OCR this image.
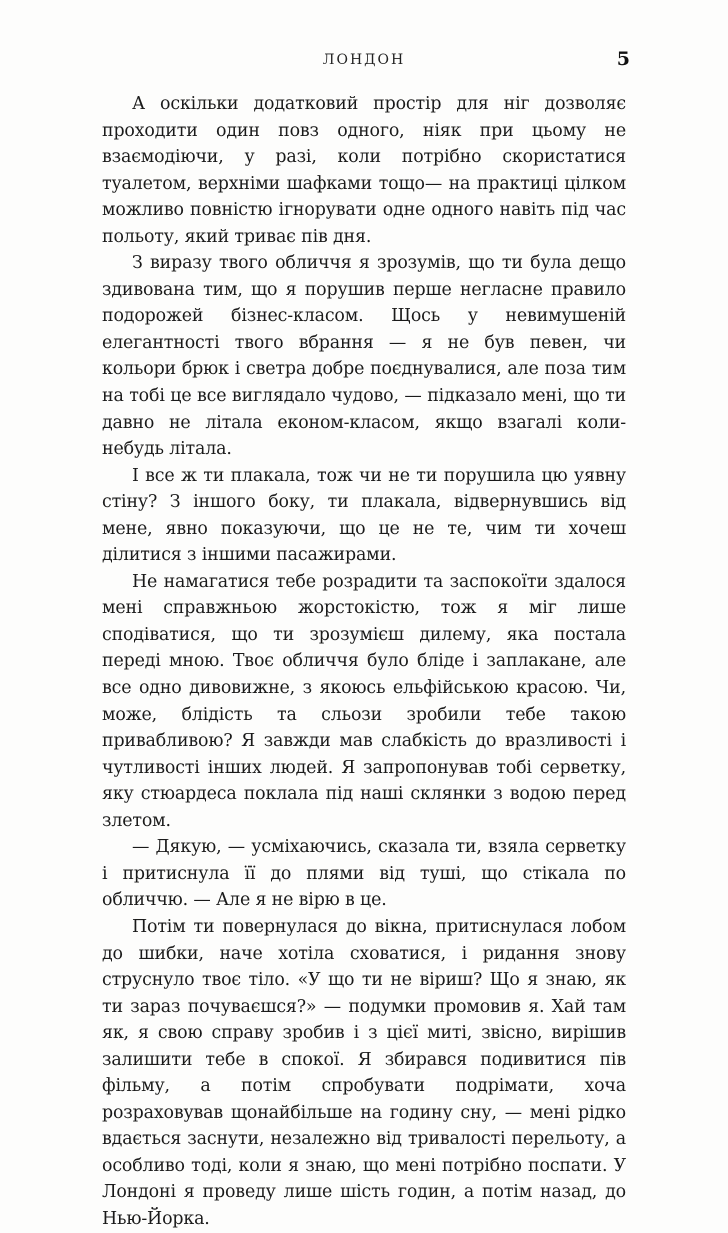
ЛОНДОН	5

А оскільки додатковий простір для ніг дозволяє проходити один повз одного, ніяк при цьому не взаємодіючи, у разі, коли потрібно скористатися туалетом, верхніми шафками тощо— на практиці цілком можливо повністю ігнорувати одне одного навіть під час польоту, який триває пів дня.

З виразу твого обличчя я зрозумів, що ти була дещо здивована тим, що я порушив перше негласне правило подорожей бізнес-класом. Щось у невимушеній елегантності твого вбрання — я не був певен, чи кольори брюк і светра добре поєднувалися, але поза тим на тобі це все виглядало чудово, — підказало мені, що ти давно не літала економ-класом, якщо взагалі коли-небудь літала.

І все ж ти плакала, тож чи не ти порушила цю уявну стіну? З іншого боку, ти плакала, відвернувшись від мене, явно показуючи, що це не те, чим ти хочеш ділитися з іншими пасажирами.

Не намагатися тебе розрадити та заспокоїти здалося мені справжньою жорстокістю, тож я міг лише сподіватися, що ти зрозумієш дилему, яка постала переді мною. Твоє обличчя було бліде і заплакане, але все одно дивовижне, з якоюсь ельфійською красою. Чи, може, блідість та сльози зробили тебе такою привабливою? Я завжди мав слабкість до вразливості і чутливості інших людей. Я запропонував тобі серветку, яку стюардеса поклала під наші склянки з водою перед злетом.

— Дякую, — усміхаючись, сказала ти, взяла серветку і притиснула її до плями від туші, що стікала по обличчю. — Але я не вірю в це.

Потім ти повернулася до вікна, притиснулася лобом до шибки, наче хотіла сховатися, і ридання знову струснуло твоє тіло. «У що ти не віриш? Що я знаю, як ти зараз почуваєшся?» — подумки промовив я. Хай там як, я свою справу зробив і з цієї миті, звісно, вирішив залишити тебе в спокої. Я збирався подивитися пів фільму, а потім спробувати подрімати, хоча розраховував щонайбільше на годину сну, — мені рідко вдається заснути, незалежно від тривалості перельоту, а особливо тоді, коли я знаю, що мені потрібно поспати. У Лондоні я проведу лише шість годин, а потім назад, до Нью-Йорка.
